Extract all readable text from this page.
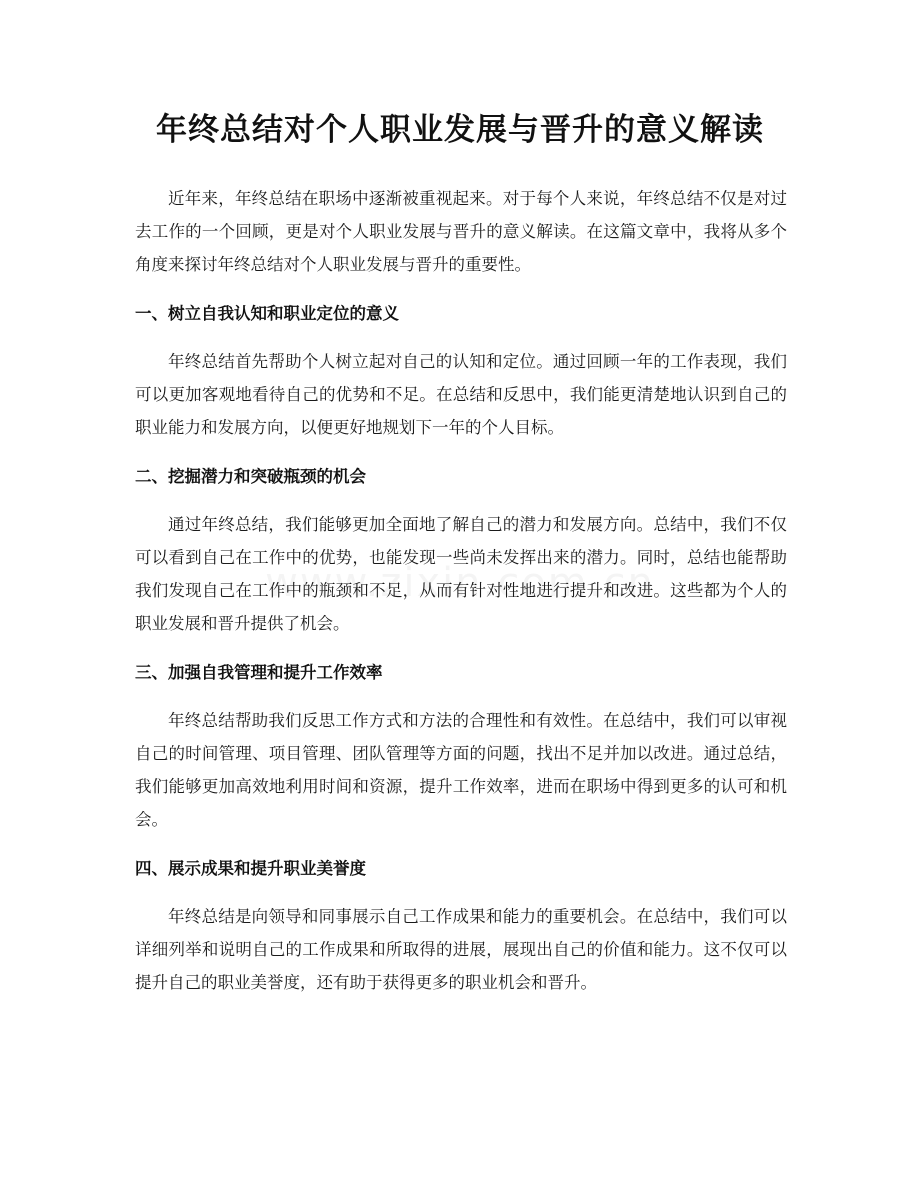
年终总结对个人职业发展与晋升的意义解读

近年来，年终总结在职场中逐渐被重视起来。对于每个人来说，年终总结不仅是对过去工作的一个回顾，更是对个人职业发展与晋升的意义解读。在这篇文章中，我将从多个角度来探讨年终总结对个人职业发展与晋升的重要性。

一、树立自我认知和职业定位的意义

年终总结首先帮助个人树立起对自己的认知和定位。通过回顾一年的工作表现，我们可以更加客观地看待自己的优势和不足。在总结和反思中，我们能更清楚地认识到自己的职业能力和发展方向，以便更好地规划下一年的个人目标。

二、挖掘潜力和突破瓶颈的机会

通过年终总结，我们能够更加全面地了解自己的潜力和发展方向。总结中，我们不仅可以看到自己在工作中的优势，也能发现一些尚未发挥出来的潜力。同时，总结也能帮助我们发现自己在工作中的瓶颈和不足，从而有针对性地进行提升和改进。这些都为个人的职业发展和晋升提供了机会。

三、加强自我管理和提升工作效率

年终总结帮助我们反思工作方式和方法的合理性和有效性。在总结中，我们可以审视自己的时间管理、项目管理、团队管理等方面的问题，找出不足并加以改进。通过总结，我们能够更加高效地利用时间和资源，提升工作效率，进而在职场中得到更多的认可和机会。

四、展示成果和提升职业美誉度

年终总结是向领导和同事展示自己工作成果和能力的重要机会。在总结中，我们可以详细列举和说明自己的工作成果和所取得的进展，展现出自己的价值和能力。这不仅可以提升自己的职业美誉度，还有助于获得更多的职业机会和晋升。
